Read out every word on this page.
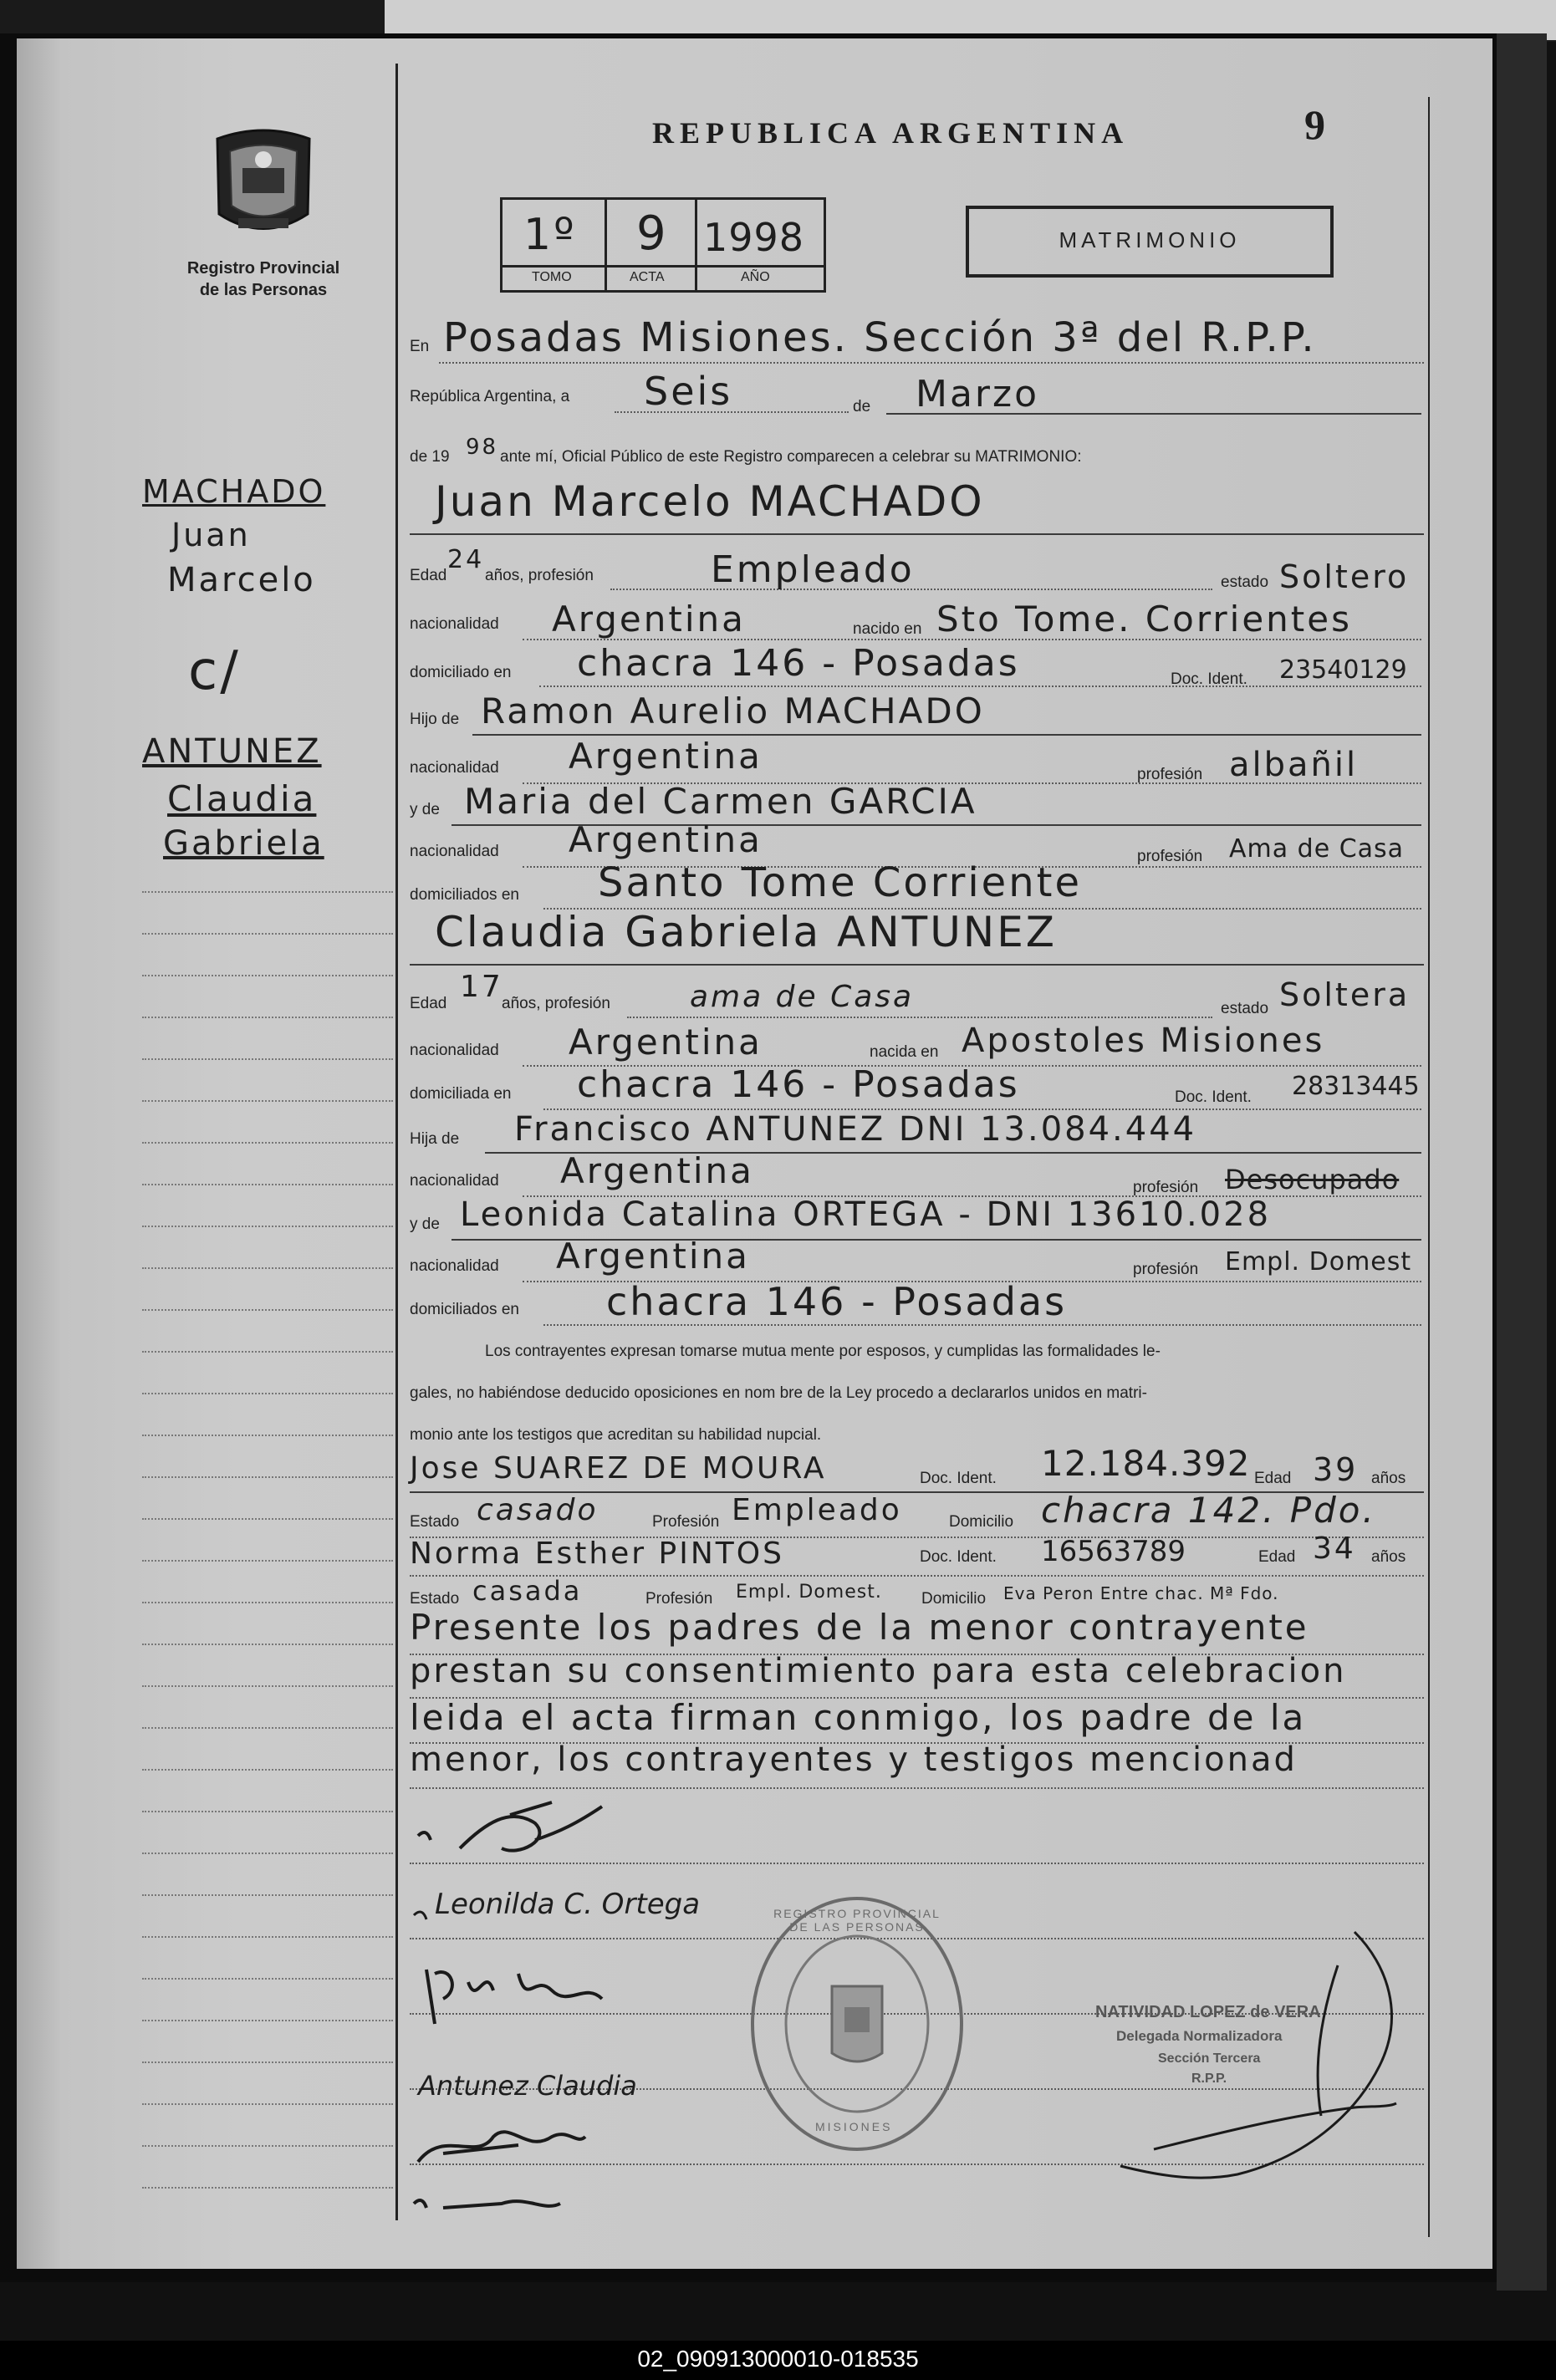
Registro Provincial
de las Personas
MACHADO
Juan
Marcelo
c/
ANTUNEZ
Claudia
Gabriela
REPUBLICA ARGENTINA	9
1º 9 1998
TOMO	ACTA	AÑO
MATRIMONIO
En Posadas Misiones. Sección 3ª del R.P.P.
República Argentina, a Seis	de Marzo
de 19 98 ante mí, Oficial Público de este Registro comparecen a celebrar su MATRIMONIO:
Juan Marcelo MACHADO
Edad
24
años, profesión	Empleado	estado Soltero
nacionalidad Argentina	nacido en Sto Tome. Corrientes
domiciliado en chacra 146 - Posadas	Doc. Ident. 23540129
Hijo de Ramon Aurelio MACHADO
nacionalidad Argentina	profesión albañil
y de Maria del Carmen GARCIA
nacionalidad Argentina	profesión Ama de Casa
domiciliados en Santo Tome Corriente
Claudia Gabriela ANTUNEZ
Edad 17
años, profesión	ama de Casa	estado Soltera
nacionalidad Argentina	nacida en Apostoles Misiones
domiciliada en chacra 146 - Posadas	Doc. Ident. 28313445
Hija de Francisco ANTUNEZ DNI 13.084.444
nacionalidad Argentina	profesión Desocupado
y de Leonida Catalina ORTEGA - DNI 13610.028
nacionalidad Argentina	profesión Empl. Domest
domiciliados en chacra 146 - Posadas
Los contrayentes expresan tomarse mutua mente por esposos, y cumplidas las formalidades le-
gales, no habiéndose deducido oposiciones en nom bre de la Ley procedo a declararlos unidos en matri-
monio ante los testigos que acreditan su habilidad nupcial.
Jose SUAREZ DE MOURA	Doc. Ident. 12.184.392 Edad 39 años
Estado casado	Profesión Empleado	Domicilio chacra 142. Pdo.
Norma Esther PINTOS	Doc. Ident. 16563789	Edad 34 años
Estado casada	Profesión Empl. Domest. Domicilio Eva Peron Entre chac. Mª Fdo.
Presente los padres de la menor contrayente
prestan su consentimiento para esta celebracion
leida el acta firman conmigo, los padre de la
menor, los contrayentes y testigos mencionad
Leonilda C. Ortega
Antunez Claudia
REGISTRO PROVINCIAL DE LAS PERSONAS
MISIONES
NATIVIDAD LOPEZ de VERA
Delegada Normalizadora
Sección Tercera
R.P.P.
02_090913000010-018535
